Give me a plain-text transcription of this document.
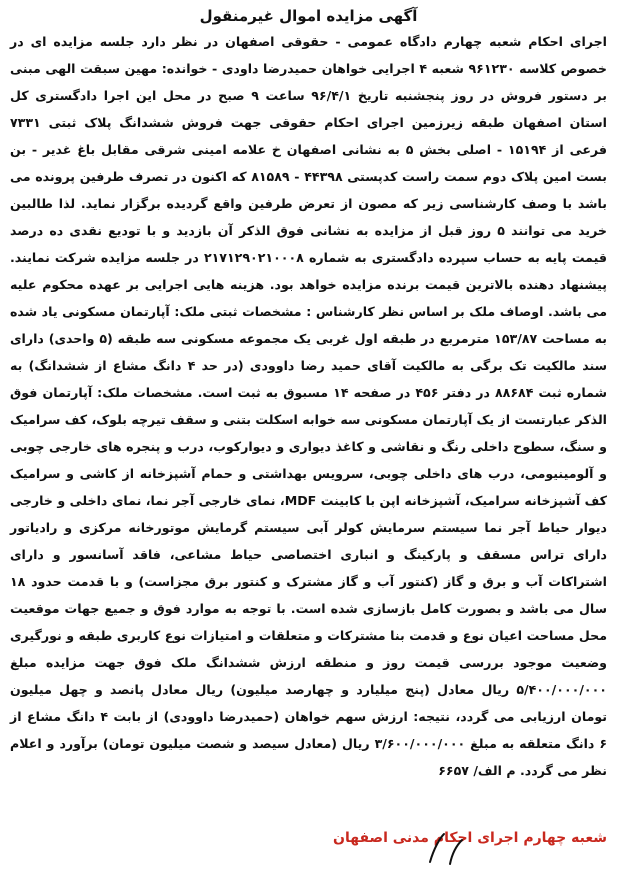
آگهی مزایده اموال غیرمنقول

اجرای احکام شعبه چهارم دادگاه عمومی - حقوقی اصفهان در نظر دارد جلسه مزایده ای در خصوص کلاسه ۹۶۱۲۳۰ شعبه ۴ اجرایی خواهان حمیدرضا داودی - خوانده: مهین سبقت الهی مبنی بر دستور فروش در روز پنجشنبه تاریخ ۹۶/۴/۱ ساعت ۹ صبح در محل این اجرا دادگستری کل استان اصفهان طبقه زیرزمین اجرای احکام حقوقی جهت فروش ششدانگ پلاک ثبتی ۷۳۳۱ فرعی از ۱۵۱۹۴ - اصلی بخش ۵ به نشانی اصفهان خ علامه امینی شرقی مقابل باغ غدیر - بن بست امین پلاک دوم سمت راست کدپستی ۴۴۳۹۸ - ۸۱۵۸۹ که اکنون در تصرف طرفین پرونده می باشد با وصف کارشناسی زیر که مصون از تعرض طرفین واقع گردیده برگزار نماید. لذا طالبین خرید می توانند ۵ روز قبل از مزایده به نشانی فوق الذکر آن بازدید و با تودیع نقدی ده درصد قیمت پایه به حساب سپرده دادگستری به شماره ۲۱۷۱۲۹۰۲۱۰۰۰۸ در جلسه مزایده شرکت نمایند. پیشنهاد دهنده بالاترین قیمت برنده مزایده خواهد بود. هزینه هایی اجرایی بر عهده محکوم علیه می باشد. اوصاف ملک بر اساس نظر کارشناس : مشخصات ثبتی ملک: آپارتمان مسکونی یاد شده به مساحت ۱۵۳/۸۷ مترمربع در طبقه اول غربی یک مجموعه مسکونی سه طبقه (۵ واحدی) دارای سند مالکیت تک برگی به مالکیت آقای حمید رضا داوودی (در حد ۴ دانگ مشاع از ششدانگ) به شماره ثبت ۸۸۶۸۴ در دفتر ۴۵۶ در صفحه ۱۴ مسبوق به ثبت است. مشخصات ملک: آپارتمان فوق الذکر عبارتست از یک آپارتمان مسکونی سه خوابه اسکلت بتنی و سقف تیرچه بلوک، کف سرامیک و سنگ، سطوح داخلی رنگ و نقاشی و کاغذ دیواری و دیوارکوب، درب و پنجره های خارجی چوبی و آلومینیومی، درب های داخلی چوبی، سرویس بهداشتی و حمام آشپزخانه از کاشی و سرامیک کف آشپزخانه سرامیک، آشپزخانه اپن با کابینت MDF، نمای خارجی آجر نما، نمای داخلی و خارجی دیوار حیاط آجر نما سیستم سرمایش کولر آبی سیستم گرمایش موتورخانه مرکزی و رادیاتور دارای تراس مسقف و پارکینگ و انباری اختصاصی حیاط مشاعی، فاقد آسانسور و دارای اشتراکات آب و برق و گاز (کنتور آب و گاز مشترک و کنتور برق مجزاست) و با قدمت حدود ۱۸ سال می باشد و بصورت کامل بازسازی شده است. با توجه به موارد فوق و جمیع جهات موقعیت محل مساحت اعیان نوع و قدمت بنا مشترکات و متعلقات و امتیازات نوع کاربری طبقه و نورگیری وضعیت موجود بررسی قیمت روز و منطقه ارزش ششدانگ ملک فوق جهت مزایده مبلغ ۵/۴۰۰/۰۰۰/۰۰۰ ریال معادل (پنج میلیارد و چهارصد میلیون) ریال معادل پانصد و چهل میلیون تومان ارزیابی می گردد، نتیجه: ارزش سهم خواهان (حمیدرضا داوودی) از بابت ۴ دانگ مشاع از ۶ دانگ متعلقه به مبلغ ۳/۶۰۰/۰۰۰/۰۰۰ ریال (معادل سیصد و شصت میلیون تومان) برآورد و اعلام نظر می گردد. م الف/ ۶۶۵۷

شعبه چهارم اجرای احکام مدنی اصفهان
